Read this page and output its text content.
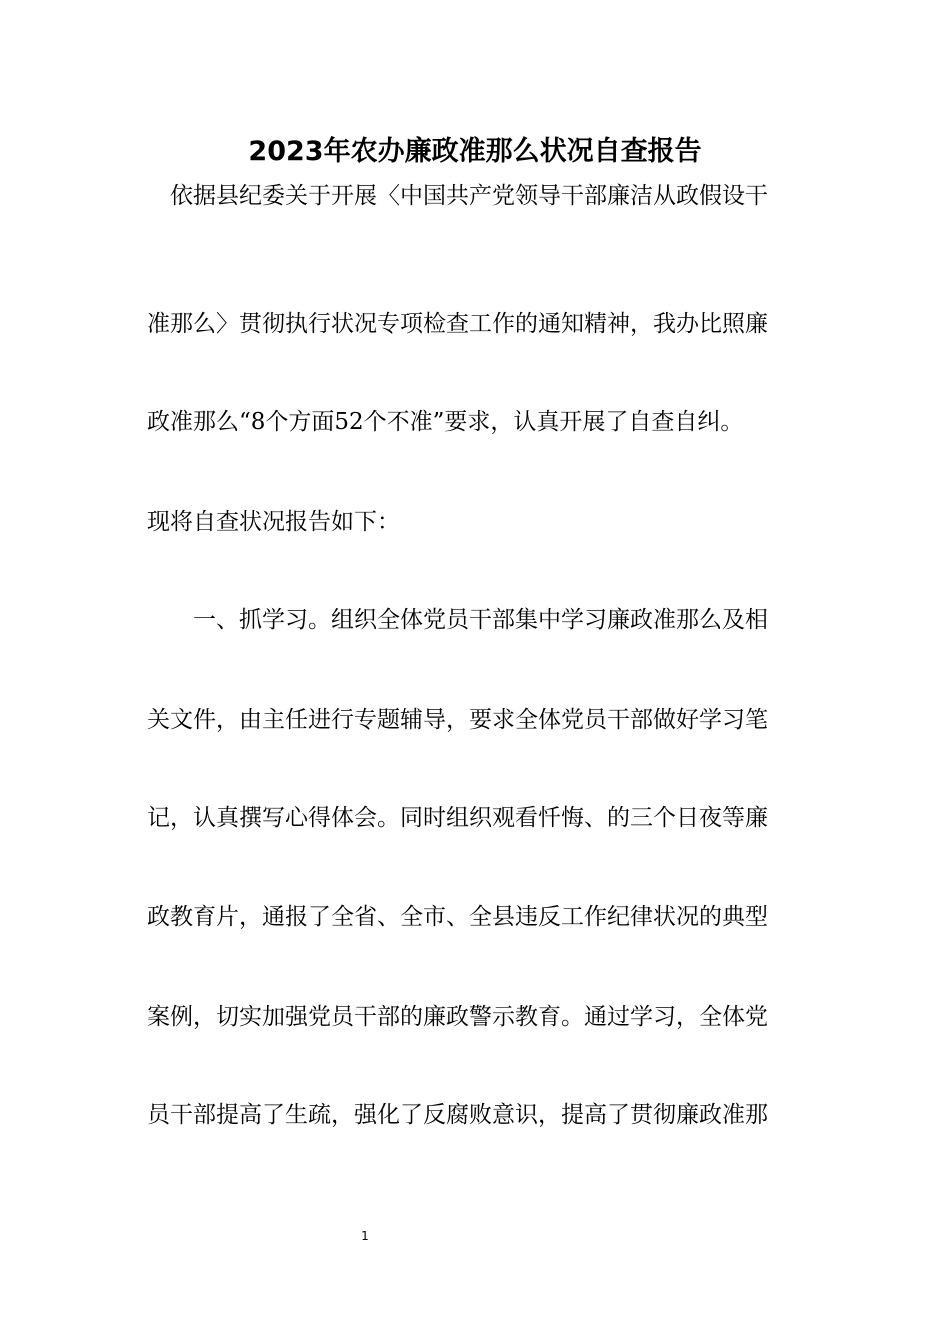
2023年农办廉政准那么状况自查报告
依据县纪委关于开展〈中国共产党领导干部廉洁从政假设干
准那么〉贯彻执行状况专项检查工作的通知精神，我办比照廉
政准那么“8个方面52个不准”要求，认真开展了自查自纠。
现将自查状况报告如下：
一、抓学习。组织全体党员干部集中学习廉政准那么及相
关文件，由主任进行专题辅导，要求全体党员干部做好学习笔
记，认真撰写心得体会。同时组织观看忏悔、的三个日夜等廉
政教育片，通报了全省、全市、全县违反工作纪律状况的典型
案例，切实加强党员干部的廉政警示教育。通过学习，全体党
员干部提高了生疏，强化了反腐败意识，提高了贯彻廉政准那
1
